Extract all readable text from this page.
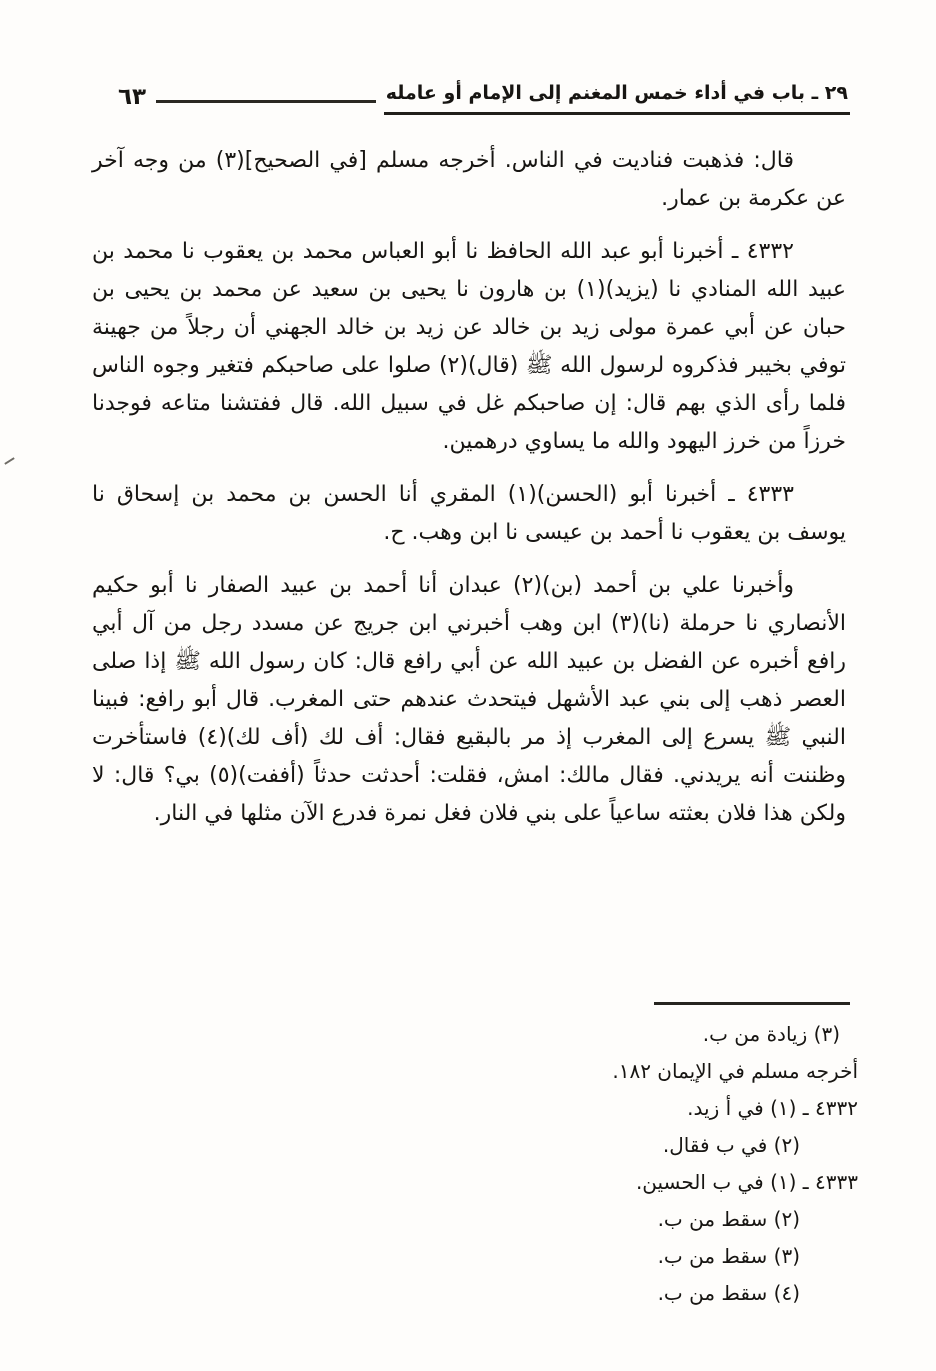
٦٣	٢٩ ـ باب في أداء خمس المغنم إلى الإمام أو عامله

قال: فذهبت فناديت في الناس. أخرجه مسلم [في الصحيح](٣) من وجه آخر عن عكرمة بن عمار.

٤٣٣٢ ـ أخبرنا أبو عبد الله الحافظ نا أبو العباس محمد بن يعقوب نا محمد بن عبيد الله المنادي نا (يزيد)(١) بن هارون نا يحيى بن سعيد عن محمد بن يحيى بن حبان عن أبي عمرة مولى زيد بن خالد عن زيد بن خالد الجهني أن رجلاً من جهينة توفي بخيبر فذكروه لرسول الله ﷺ (قال)(٢) صلوا على صاحبكم فتغير وجوه الناس فلما رأى الذي بهم قال: إن صاحبكم غل في سبيل الله. قال ففتشنا متاعه فوجدنا خرزاً من خرز اليهود والله ما يساوي درهمين.

٤٣٣٣ ـ أخبرنا أبو (الحسن)(١) المقري أنا الحسن بن محمد بن إسحاق نا يوسف بن يعقوب نا أحمد بن عيسى نا ابن وهب. ح.

وأخبرنا علي بن أحمد (بن)(٢) عبدان أنا أحمد بن عبيد الصفار نا أبو حكيم الأنصاري نا حرملة (نا)(٣) ابن وهب أخبرني ابن جريج عن مسدد رجل من آل أبي رافع أخبره عن الفضل بن عبيد الله عن أبي رافع قال: كان رسول الله ﷺ إذا صلى العصر ذهب إلى بني عبد الأشهل فيتحدث عندهم حتى المغرب. قال أبو رافع: فبينا النبي ﷺ يسرع إلى المغرب إذ مر بالبقيع فقال: أف لك (أف لك)(٤) فاستأخرت وظننت أنه يريدني. فقال مالك: امش، فقلت: أحدثت حدثاً (أففت)(٥) بي؟ قال: لا ولكن هذا فلان بعثته ساعياً على بني فلان فغل نمرة فدرع الآن مثلها في النار.

(٣) زيادة من ب.
أخرجه مسلم في الإيمان ١٨٢.
٤٣٣٢ ـ (١) في أ زيد.
(٢) في ب فقال.
٤٣٣٣ ـ (١) في ب الحسين.
(٢) سقط من ب.
(٣) سقط من ب.
(٤) سقط من ب.
